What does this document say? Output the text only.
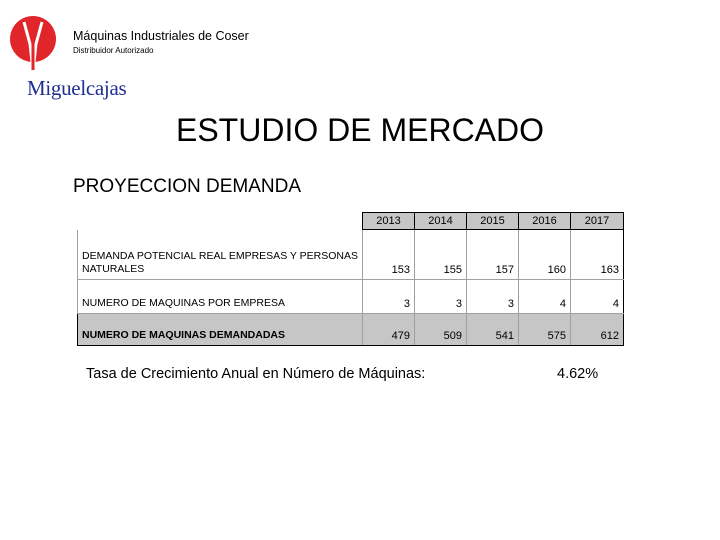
Miguelcajas
Máquinas Industriales de Coser
Distribuidor Autorizado
ESTUDIO DE MERCADO
PROYECCION DEMANDA
	2013	2014	2015	2016	2017
DEMANDA POTENCIAL REAL EMPRESAS Y PERSONAS NATURALES	153	155	157	160	163
NUMERO DE MAQUINAS POR EMPRESA	3	3	3	4	4
NUMERO DE MAQUINAS DEMANDADAS	479	509	541	575	612
Tasa de Crecimiento Anual en Número de Máquinas:	4.62%
